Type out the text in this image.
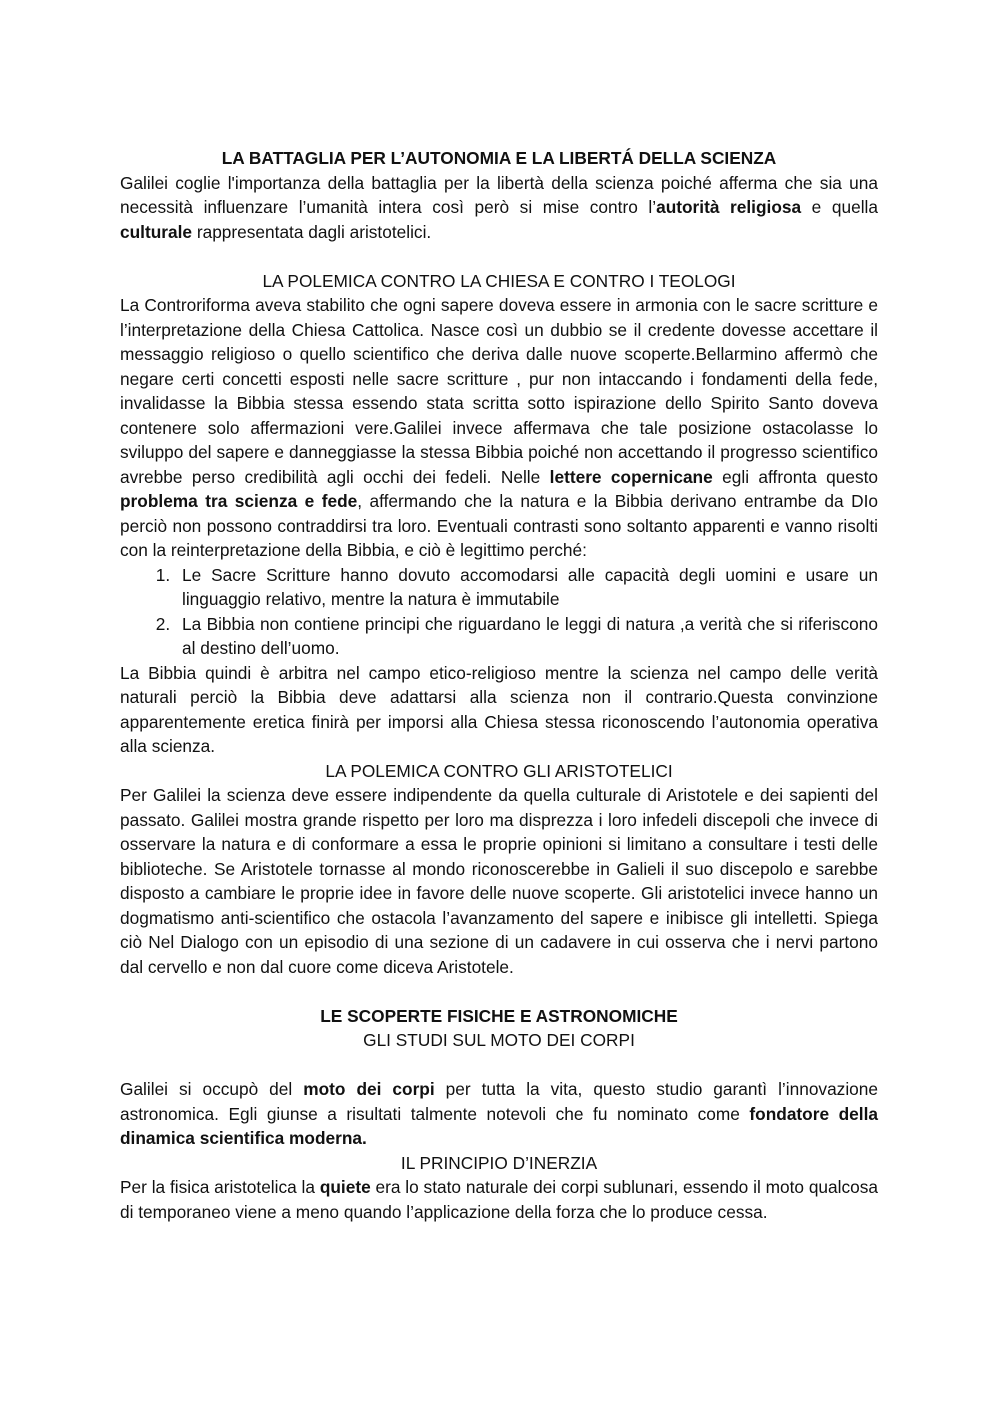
LA BATTAGLIA PER L’AUTONOMIA E LA LIBERTÁ DELLA SCIENZA

Galilei coglie l'importanza della battaglia per la libertà della scienza poiché afferma che sia una necessità influenzare l’umanità intera così però si mise contro l’autorità religiosa e quella culturale rappresentata dagli aristotelici.

LA POLEMICA CONTRO LA CHIESA E CONTRO I TEOLOGI

La Controriforma aveva stabilito che ogni sapere doveva essere in armonia con le sacre scritture e l’interpretazione della Chiesa Cattolica. Nasce così un dubbio se il credente dovesse accettare il messaggio religioso o quello scientifico che deriva dalle nuove scoperte.Bellarmino affermò che negare certi concetti esposti nelle sacre scritture , pur non intaccando i fondamenti della fede, invalidasse la Bibbia stessa essendo stata scritta sotto ispirazione dello Spirito Santo doveva contenere solo affermazioni vere.Galilei invece affermava che tale posizione ostacolasse lo sviluppo del sapere e danneggiasse la stessa Bibbia poiché non accettando il progresso scientifico avrebbe perso credibilità agli occhi dei fedeli. Nelle lettere copernicane egli affronta questo problema tra scienza e fede, affermando che la natura e la Bibbia derivano entrambe da DIo perciò non possono contraddirsi tra loro. Eventuali contrasti sono soltanto apparenti e vanno risolti con la reinterpretazione della Bibbia, e ciò è legittimo perché:

1. Le Sacre Scritture hanno dovuto accomodarsi alle capacità degli uomini e usare un linguaggio relativo, mentre la natura è immutabile
2. La Bibbia non contiene principi che riguardano le leggi di natura ,a verità che si riferiscono al destino dell’uomo.

La Bibbia quindi è arbitra nel campo etico-religioso mentre la scienza nel campo delle verità naturali perciò la Bibbia deve adattarsi alla scienza non il contrario.Questa convinzione apparentemente eretica finirà per imporsi alla Chiesa stessa riconoscendo l’autonomia operativa alla scienza.

LA POLEMICA CONTRO GLI ARISTOTELICI

Per Galilei la scienza deve essere indipendente da quella culturale di Aristotele e dei sapienti del passato. Galilei mostra grande rispetto per loro ma disprezza i loro infedeli discepoli che invece di osservare la natura e di conformare a essa le proprie opinioni si limitano a consultare i testi delle biblioteche. Se Aristotele tornasse al mondo riconoscerebbe in Galieli il suo discepolo e sarebbe disposto a cambiare le proprie idee in favore delle nuove scoperte. Gli aristotelici invece hanno un dogmatismo anti-scientifico che ostacola l’avanzamento del sapere e inibisce gli intelletti. Spiega ciò Nel Dialogo con un episodio di una sezione di un cadavere in cui osserva che i nervi partono dal cervello e non dal cuore come diceva Aristotele.

LE SCOPERTE FISICHE E ASTRONOMICHE
GLI STUDI SUL MOTO DEI CORPI

Galilei si occupò del moto dei corpi per tutta la vita, questo studio garantì l’innovazione astronomica. Egli giunse a risultati talmente notevoli che fu nominato come fondatore della dinamica scientifica moderna.

IL PRINCIPIO D’INERZIA

Per la fisica aristotelica la quiete era lo stato naturale dei corpi sublunari, essendo il moto qualcosa di temporaneo viene a meno quando l’applicazione della forza che lo produce cessa.
